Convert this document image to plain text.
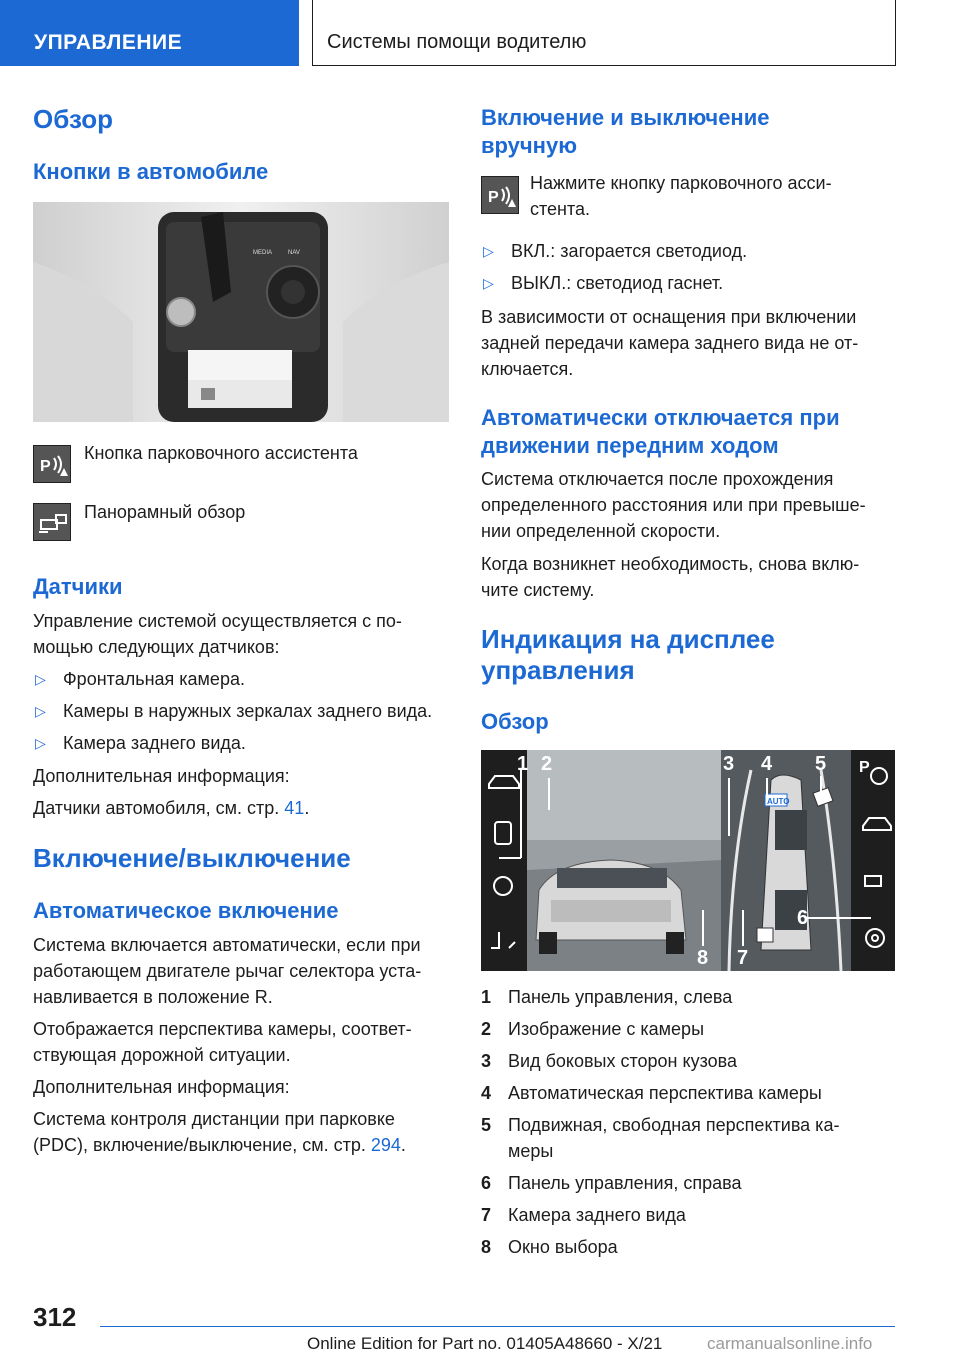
УПРАВЛЕНИЕ	Системы помощи водителю
Обзор
Кнопки в автомобиле
MEDIA	NAV
P
Кнопка парковочного ассистента
Панорамный обзор
Датчики
Управление системой осуществляется с по‐
мощью следующих датчиков:
▷ Фронтальная камера.
▷ Камеры в наружных зеркалах заднего вида.
▷ Камера заднего вида.
Дополнительная информация:
Датчики автомобиля, см. стр. 41.
Включение/выключение
Автоматическое включение
Система включается автоматически, если при
работающем двигателе рычаг селектора уста‐
навливается в положение R.
Отображается перспектива камеры, соответ‐
ствующая дорожной ситуации.
Дополнительная информация:
Система контроля дистанции при парковке
(PDC), включение/выключение, см. стр. 294.
Включение и выключение
вручную
P
Нажмите кнопку парковочного асси‐
стента.
▷ ВКЛ.: загорается светодиод.
▷ ВЫКЛ.: светодиод гаснет.
В зависимости от оснащения при включении
задней передачи камера заднего вида не от‐
ключается.
Автоматически отключается при
движении передним ходом
Система отключается после прохождения
определенного расстояния или при превыше‐
нии определенной скорости.
Когда возникнет необходимость, снова вклю‐
чите систему.
Индикация на дисплее
управления
Обзор
AUTO
P
1 2	3 4 5
6
7
8
1 Панель управления, слева
2 Изображение с камеры
3 Вид боковых сторон кузова
4 Автоматическая перспектива камеры
5 Подвижная, свободная перспектива ка‐
меры
6 Панель управления, справа
7 Камера заднего вида
8 Окно выбора
312
Online Edition for Part no. 01405A48660 - X/21	carmanualsonline.info
